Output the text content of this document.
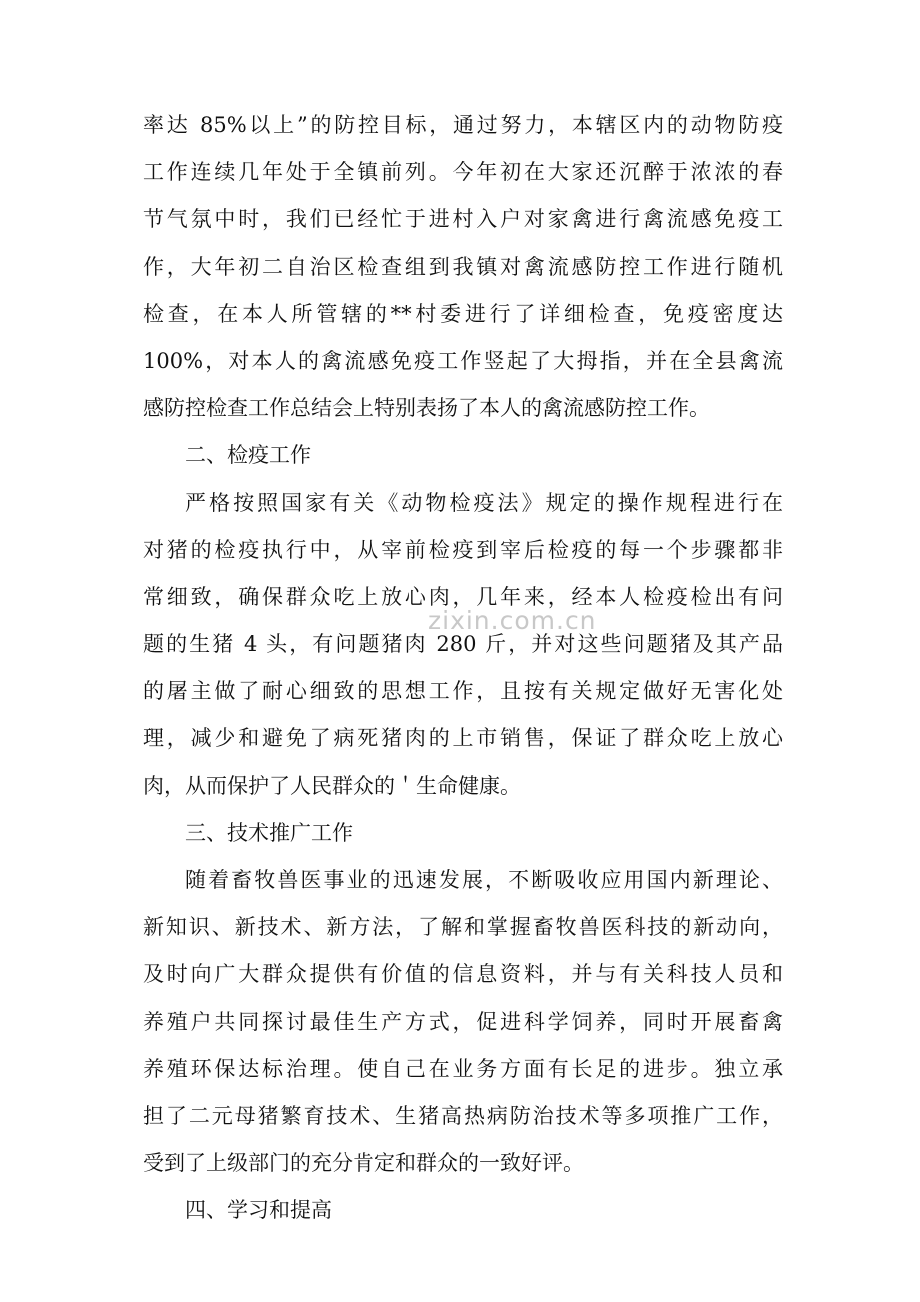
率达 85%以上”的防控目标，通过努力，本辖区内的动物防疫
工作连续几年处于全镇前列。今年初在大家还沉醉于浓浓的春
节气氛中时，我们已经忙于进村入户对家禽进行禽流感免疫工
作，大年初二自治区检查组到我镇对禽流感防控工作进行随机
检查，在本人所管辖的**村委进行了详细检查，免疫密度达
100%，对本人的禽流感免疫工作竖起了大拇指，并在全县禽流
感防控检查工作总结会上特别表扬了本人的禽流感防控工作。
二、检疫工作
严格按照国家有关《动物检疫法》规定的操作规程进行在
对猪的检疫执行中，从宰前检疫到宰后检疫的每一个步骤都非
常细致，确保群众吃上放心肉，几年来，经本人检疫检出有问
题的生猪 4 头，有问题猪肉 280 斤，并对这些问题猪及其产品
的屠主做了耐心细致的思想工作，且按有关规定做好无害化处
理，减少和避免了病死猪肉的上市销售，保证了群众吃上放心
肉，从而保护了人民群众的＇生命健康。
三、技术推广工作
随着畜牧兽医事业的迅速发展，不断吸收应用国内新理论、
新知识、新技术、新方法，了解和掌握畜牧兽医科技的新动向，
及时向广大群众提供有价值的信息资料，并与有关科技人员和
养殖户共同探讨最佳生产方式，促进科学饲养，同时开展畜禽
养殖环保达标治理。使自己在业务方面有长足的进步。独立承
担了二元母猪繁育技术、生猪高热病防治技术等多项推广工作，
受到了上级部门的充分肯定和群众的一致好评。
四、学习和提高
zixin.com.cn
